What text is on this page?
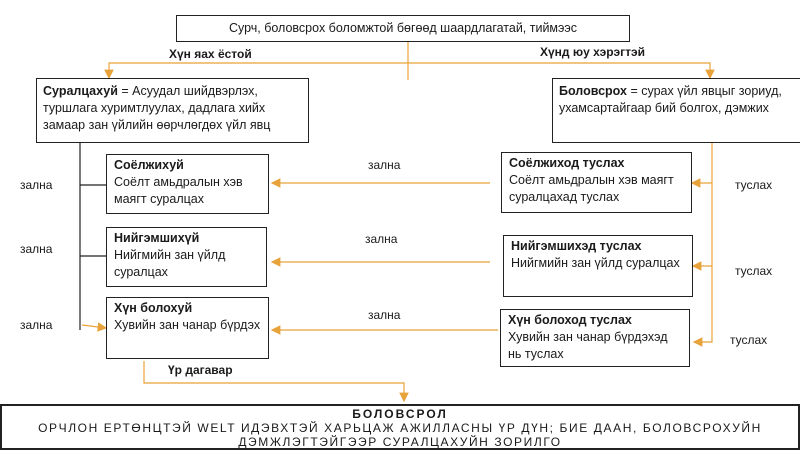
Сурч, боловсрох боломжтой бөгөөд шаардлагатай, тиймээс
Хүн яах ёстой	Хүнд юу хэрэгтэй
Суралцахуй = Асуудал шийдвэрлэх, туршлага хуримтлуулах, дадлага хийх замаар зан үйлийн өөрчлөгдөх үйл явц
Боловсрох = сурах үйл явцыг зориуд, ухамсартайгаар бий болгох, дэмжих
Соёлжихуй
Соёлт амьдралын хэв маягт суралцах
Нийгэмшихүй
Нийгмийн зан үйлд суралцах
Хүн болохуй
Хувийн зан чанар бүрдэх
Соёлжиход туслах
Соёлт амьдралын хэв маягт суралцахад туслах
Нийгэмшихэд туслах
Нийгмийн зан үйлд суралцах
Хүн болоход туслах
Хувийн зан чанар бүрдэхэд нь туслах
зална
зална
зална
зална
зална
зална
туслах
туслах
туслах
Үр дагавар
БОЛОВСРОЛ
ОРЧЛОН ЕРТӨНЦТЭЙ WELT ИДЭВХТЭЙ ХАРЬЦАЖ АЖИЛЛАСНЫ ҮР ДҮН; БИЕ ДААН, БОЛОВСРОХУЙН ДЭМЖЛЭГТЭЙГЭЭР СУРАЛЦАХУЙН ЗОРИЛГО
